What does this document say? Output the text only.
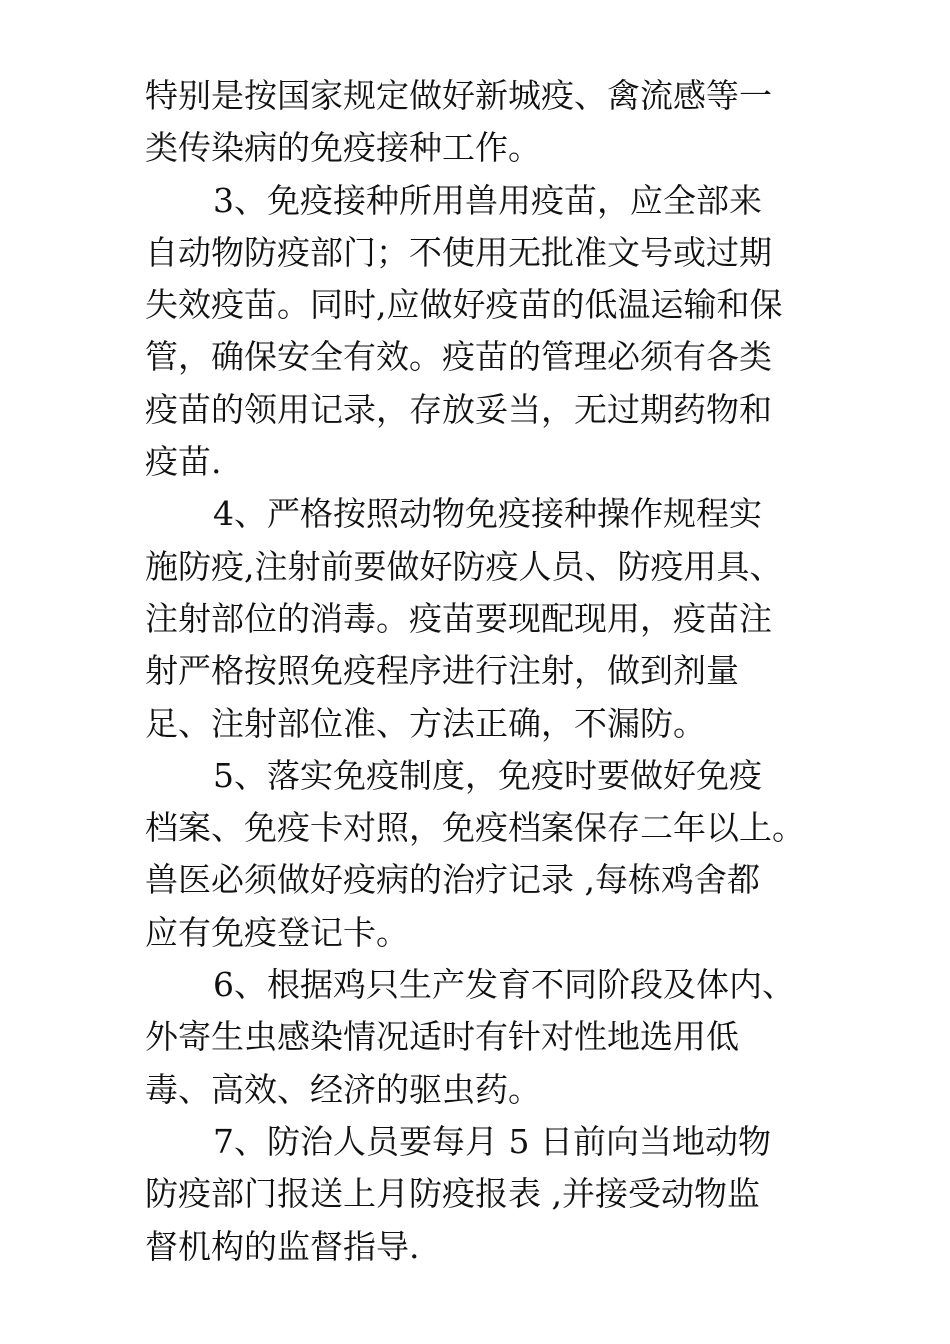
特别是按国家规定做好新城疫、禽流感等一
类传染病的免疫接种工作。
3、免疫接种所用兽用疫苗，应全部来
自动物防疫部门；不使用无批准文号或过期
失效疫苗。同时,应做好疫苗的低温运输和保
管，确保安全有效。疫苗的管理必须有各类
疫苗的领用记录，存放妥当，无过期药物和
疫苗.
4、严格按照动物免疫接种操作规程实
施防疫,注射前要做好防疫人员、防疫用具、
注射部位的消毒。疫苗要现配现用，疫苗注
射严格按照免疫程序进行注射，做到剂量
足、注射部位准、方法正确，不漏防。
5、落实免疫制度，免疫时要做好免疫
档案、免疫卡对照，免疫档案保存二年以上。
兽医必须做好疫病的治疗记录 ,每栋鸡舍都
应有免疫登记卡。
6、根据鸡只生产发育不同阶段及体内、
外寄生虫感染情况适时有针对性地选用低
毒、高效、经济的驱虫药。
7、防治人员要每月 5 日前向当地动物
防疫部门报送上月防疫报表 ,并接受动物监
督机构的监督指导.
